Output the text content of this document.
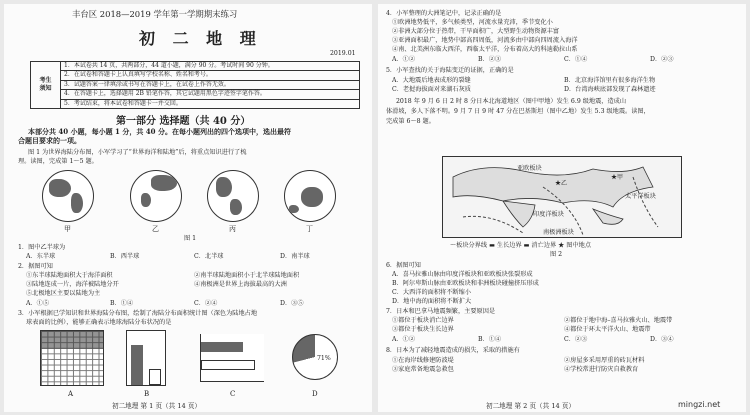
丰台区 2018—2019 学年第一学期期末练习
初 二 地 理
2019.01
考生须知	1．本试卷共 14 页，共两部分，44 道小题，满分 90 分。考试时间 90 分钟。
2．在试卷和答题卡上认真填写学校名称、姓名和考号。
3．试题答案一律填涂或书写在答题卡上，在试卷上作答无效。
4．在答题卡上，选择题用 2B 铅笔作答，其它试题用黑色字迹签字笔作答。
5．考试结束，将本试卷和答题卡一并交回。
第一部分 选择题（共 40 分）
本部分共 40 小题，每小题 1 分，共 40 分。在每小题列出的四个选项中，选出最符
合题目要求的一项。
图 1 为世界海陆分布图，小军学习了“世界海洋和陆地”后，将重点知识进行了梳
理。读图，完成第 1～5 题。
甲	乙	丙	丁
图 1
1．图中乙半球为
A．东半球	B．西半球	C．北半球	D．南半球
2．据图可知
①东半球陆地面积大于海洋面积	②南半球陆地面积小于北半球陆地面积
③陆地连成一片，海洋被陆地分开	④南极洲是世界上海拔最高的大洲
⑤北极地区主要以陆地为主
A．①⑤	B．①④	C．②④	D．③⑤
3．小军根据已学知识和世界海陆分布图，绘制了海陆分布面积统计图（深色为陆地占地
球表面的比例），能够正确表示地球海陆分布状况的是
71%
A	B	C	D
初二地理 第 1 页（共 14 页）
4．小军整理的大洲笔记中，记录正确的是
①欧洲地势低平，多气候类型，河流水量充沛，季节变化小
②非洲大部分位于热带，干旱面积广，大型野生动物资源丰富
③亚洲面积最广，地势中部高四周低，河流多由中部向四周流入海洋
④南、北美洲东临大西洋，西临太平洋，分布着高大的科迪勒拉山系
A．①②	B．②③	C．①④	D．②③
5．小军查找的关于海陆变迁的证据，正确的是
A．大地震后地表成形的裂缝	B．北京海洋馆里有很多海洋生物
C．老挝海拔面对来湖石灰质	D．台湾海峡底部发现了森林遗迹
2018 年 9 月 6 日 2 时 8 分日本北海道地区（图中甲地）发生 6.9 级地震，造成山
体滑坡，多人下落不明。9 月 7 日 9 时 47 分在巴基斯坦（图中乙地）发生 5.3 级地震。读图，
完成第 6～8 题。
★甲
★乙
亚欧板块
太平洋板块
印度洋板块
南极洲板块
～板块分界线 ▬ 生长边界 ▬ 消亡边界 ★ 图中地点
图 2
6．据图可知
A．喜马拉雅山脉由印度洋板块和亚欧板块张裂形成
B．阿尔卑斯山脉由亚欧板块和非洲板块碰撞挤压形成
C．大西洋的面积将不断缩小
D．地中海的面积将不断扩大
7．日本和巴拿马地震频繁，主要原因是
①都位于板块消亡边界	②都位于地中海–喜马拉雅火山、地震带
③都位于板块生长边界	④都位于环太平洋火山、地震带
A．①②	B．①④	C．②③	D．③④
8．日本为了减轻地震造成的损失，采取的措施有
①在海岸线修建防波堤	②房屋多采用厚重的砖瓦材料
③家庭常备地震急救包	④学校常进行防灾自救教育
初二地理 第 2 页（共 14 页）	mingzi.net
